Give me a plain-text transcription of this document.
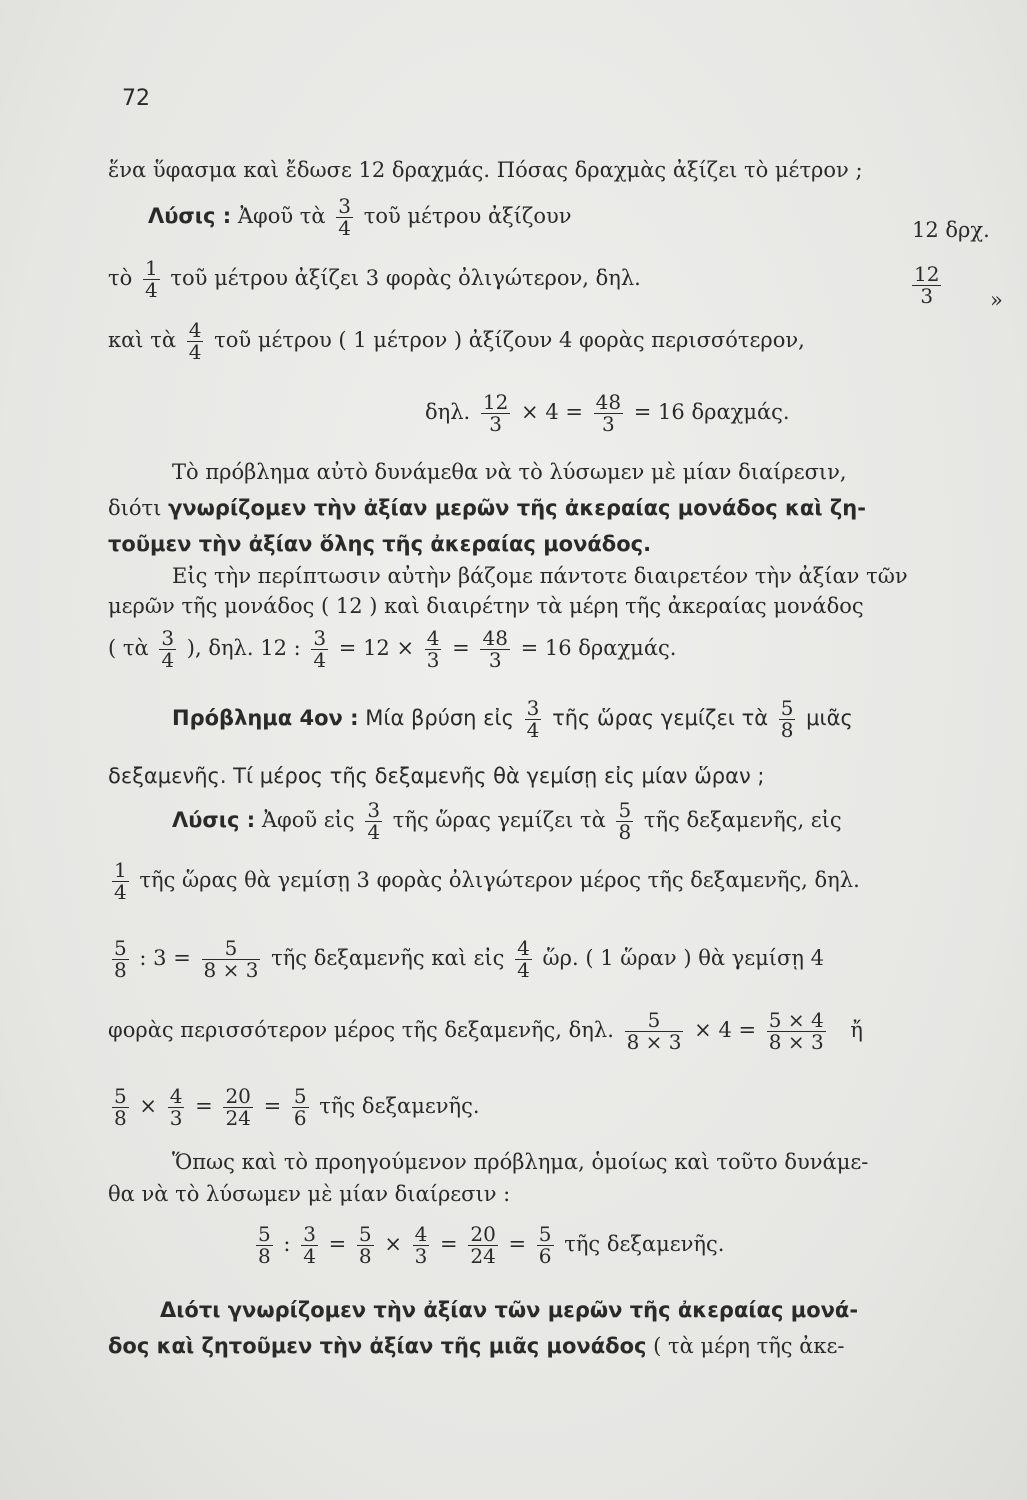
72
ἕνα ὕφασμα καὶ ἔδωσε 12 δραχμάς. Πόσας δραχμὰς ἀξίζει τὸ μέτρον ;
Λύσις : Ἀφοῦ τὰ $\frac{3}{4}$ τοῦ μέτρου ἀξίζουν
12 δρχ.
τὸ $\frac{1}{4}$ τοῦ μέτρου ἀξίζει 3 φορὰς ὀλιγώτερον, δηλ.	$\frac{12}{3}$ »
καὶ τὰ $\frac{4}{4}$ τοῦ μέτρου ( 1 μέτρον ) ἀξίζουν 4 φορὰς περισσότερον,
δηλ. $\frac{12}{3} \times 4 = \frac{48}{3} = 16$ δραχμάς.
Τὸ πρόβλημα αὐτὸ δυνάμεθα νὰ τὸ λύσωμεν μὲ μίαν διαίρεσιν,
διότι γνωρίζομεν τὴν ἀξίαν μερῶν τῆς ἀκεραίας μονάδος καὶ ζη-
τοῦμεν τὴν ἀξίαν ὅλης τῆς ἀκεραίας μονάδος.
Εἰς τὴν περίπτωσιν αὐτὴν βάζομε πάντοτε διαιρετέον τὴν ἀξίαν τῶν
μερῶν τῆς μονάδος ( 12 ) καὶ διαιρέτην τὰ μέρη τῆς ἀκεραίας μονάδος
( τὰ $\frac{3}{4}$ ), δηλ. 12 : $\frac{3}{4} = 12 \times \frac{4}{3} = \frac{48}{3} = 16$ δραχμάς.
Πρόβλημα 4ον : Μία βρύση εἰς $\frac{3}{4}$ τῆς ὥρας γεμίζει τὰ $\frac{5}{8}$ μιᾶς
δεξαμενῆς. Τί μέρος τῆς δεξαμενῆς θὰ γεμίσῃ εἰς μίαν ὥραν ;
Λύσις : Ἀφοῦ εἰς $\frac{3}{4}$ τῆς ὥρας γεμίζει τὰ $\frac{5}{8}$ τῆς δεξαμενῆς, εἰς
$\frac{1}{4}$ τῆς ὥρας θὰ γεμίσῃ 3 φορὰς ὀλιγώτερον μέρος τῆς δεξαμενῆς, δηλ.
$\frac{5}{8}$ : $3 = \frac{5}{8 \times 3}$ τῆς δεξαμενῆς καὶ εἰς $\frac{4}{4}$ ὥρ. ( 1 ὥραν ) θὰ γεμίσῃ 4
φορὰς περισσότερον μέρος τῆς δεξαμενῆς, δηλ. $\frac{5}{8 \times 3} \times 4 = \frac{5 \times 4}{8 \times 3}$ ἤ
$\frac{5}{8} \times \frac{4}{3} = \frac{20}{24} = \frac{5}{6}$ τῆς δεξαμενῆς.
Ὅπως καὶ τὸ προηγούμενον πρόβλημα, ὁμοίως καὶ τοῦτο δυνάμε-
θα νὰ τὸ λύσωμεν μὲ μίαν διαίρεσιν :
$\frac{5}{8}$ : $\frac{3}{4} = \frac{5}{8} \times \frac{4}{3} = \frac{20}{24} = \frac{5}{6}$ τῆς δεξαμενῆς.
Διότι γνωρίζομεν τὴν ἀξίαν τῶν μερῶν τῆς ἀκεραίας μονά-
δος καὶ ζητοῦμεν τὴν ἀξίαν τῆς μιᾶς μονάδος ( τὰ μέρη τῆς ἀκε-
